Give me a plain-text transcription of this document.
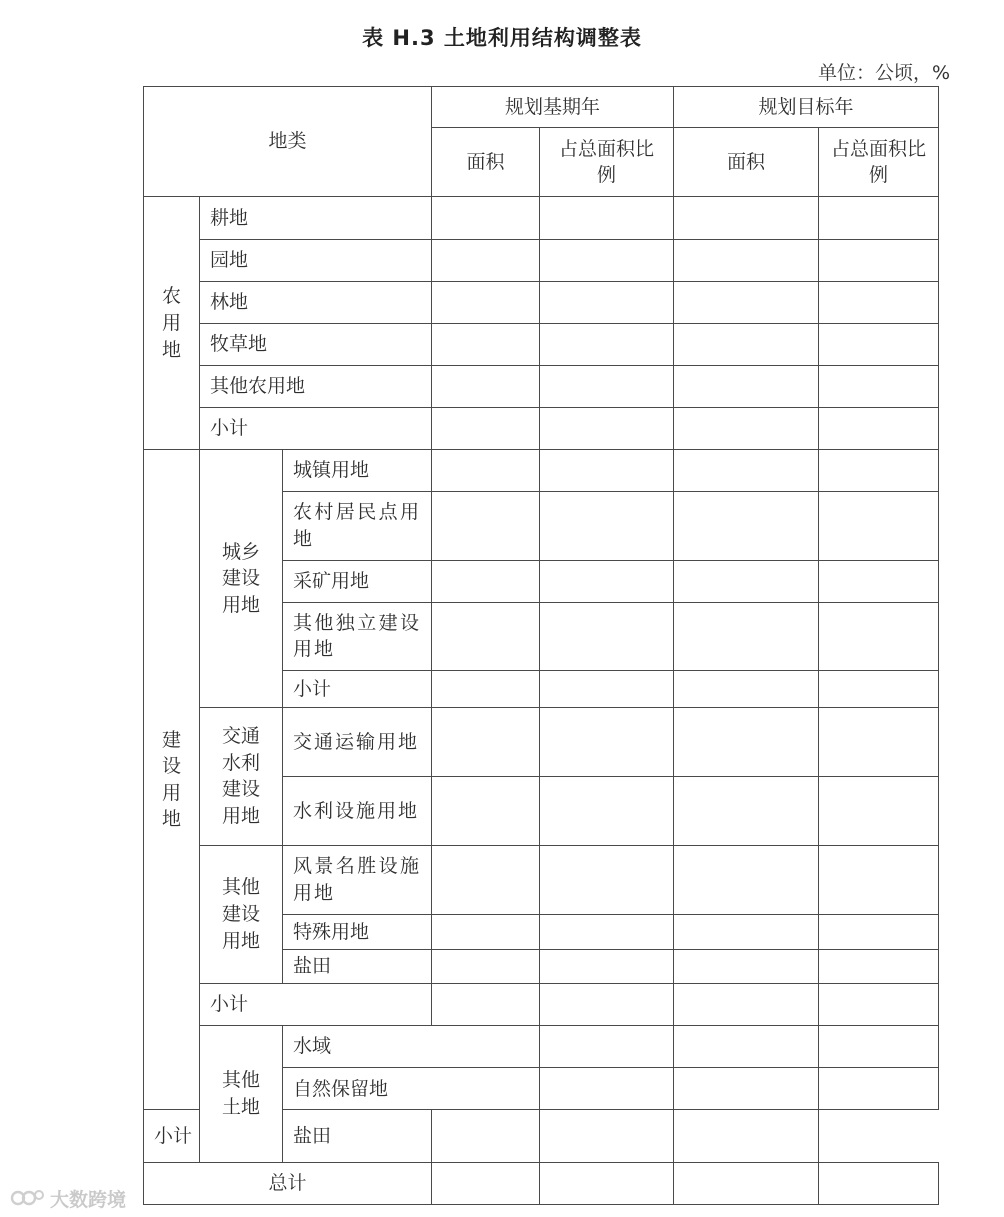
表 H.3 土地利用结构调整表
单位：公顷，%
地类			规划基期年		规划目标年		
			面积	占总面积比例	面积	占总面积比例	
农用地	耕地						
	园地						
	林地						
	牧草地						
	其他农用地						
	小计						
建设用地	城乡建设用地	城镇用地					
		农村居民点用地					
		采矿用地					
		其他独立建设用地					
		小计					
	交通水利建设用地	交通运输用地					
		水利设施用地					
	其他建设用地	风景名胜设施用地					
		特殊用地					
		盐田					
	小计						
	其他土地	水域					
		自然保留地					
小计		盐田					
总计							
大数跨境
